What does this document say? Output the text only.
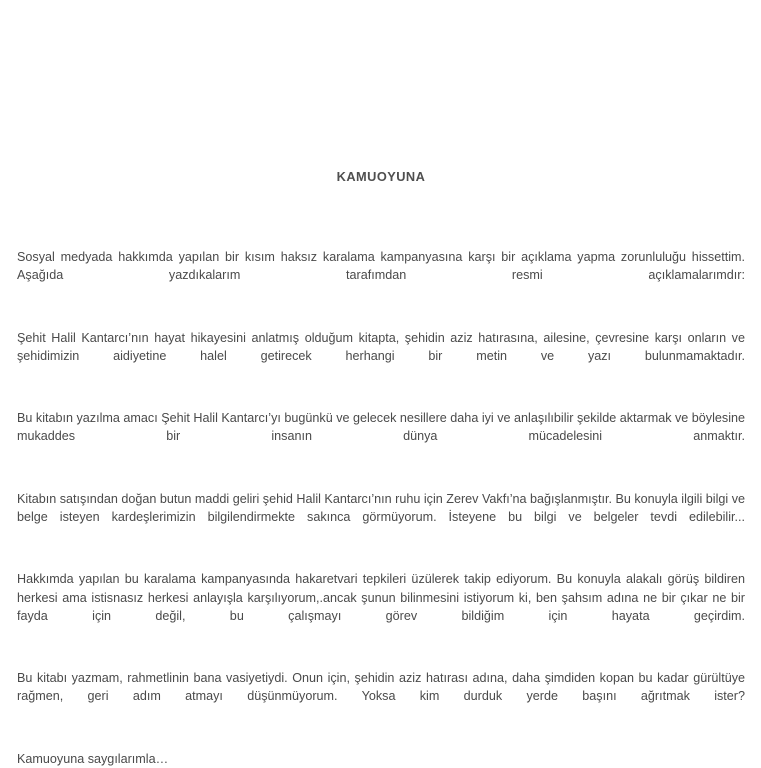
KAMUOYUNA

Sosyal medyada hakkımda yapılan bir kısım haksız karalama kampanyasına karşı bir açıklama yapma zorunluluğu hissettim. Aşağıda yazdıkalarım tarafımdan resmi açıklamalarımdır:

Şehit Halil Kantarcı’nın hayat hikayesini anlatmış olduğum kitapta, şehidin aziz hatırasına, ailesine, çevresine karşı onların ve şehidimizin aidiyetine halel getirecek herhangi bir metin ve yazı bulunmamaktadır.

Bu kitabın yazılma amacı Şehit Halil Kantarcı’yı bugünkü ve gelecek nesillere daha iyi ve anlaşılıbilir şekilde aktarmak ve böylesine mukaddes bir insanın dünya mücadelesini anmaktır.

Kitabın satışından doğan butun maddi geliri şehid Halil Kantarcı’nın ruhu için Zerev Vakfı’na bağışlanmıştır. Bu konuyla ilgili bilgi ve belge isteyen kardeşlerimizin bilgilendirmekte sakınca görmüyorum. İsteyene bu bilgi ve belgeler tevdi edilebilir...

Hakkımda yapılan bu karalama kampanyasında hakaretvari tepkileri üzülerek takip ediyorum. Bu konuyla alakalı görüş bildiren herkesi ama istisnasız herkesi anlayışla karşılıyorum,.ancak şunun bilinmesini istiyorum ki, ben şahsım adına ne bir çıkar ne bir fayda için değil, bu çalışmayı görev bildiğim için hayata geçirdim.

Bu kitabı yazmam, rahmetlinin bana vasiyetiydi. Onun için, şehidin aziz hatırası adına, daha şimdiden kopan bu kadar gürültüye rağmen, geri adım atmayı düşünmüyorum. Yoksa kim durduk yerde başını ağrıtmak ister?

Kamuoyuna saygılarımla…
